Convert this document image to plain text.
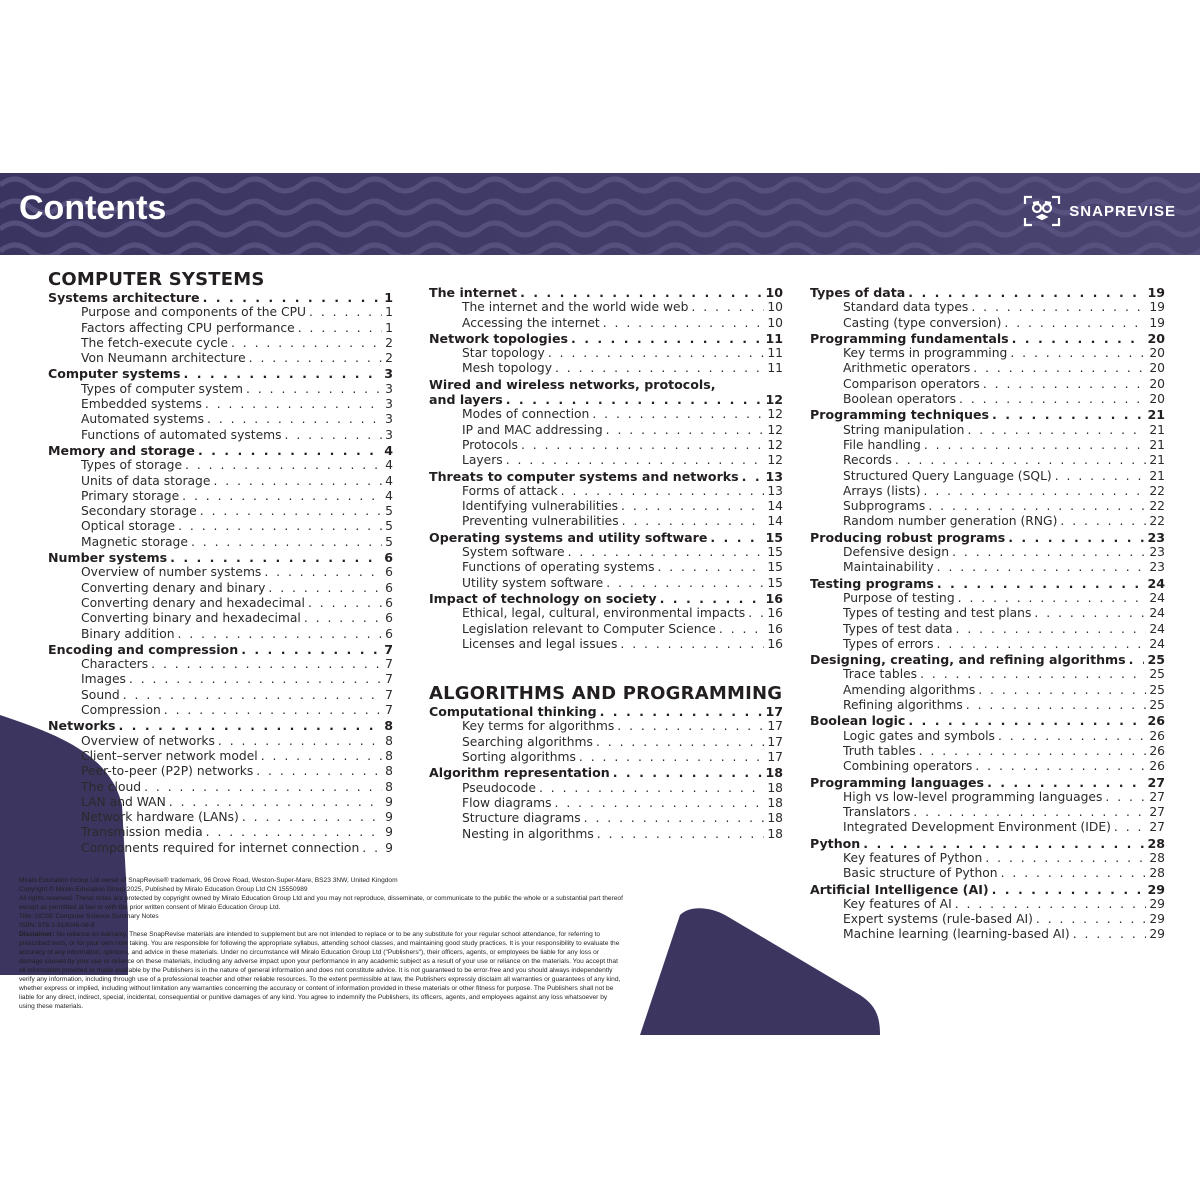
Contents	SNAPREVISE
COMPUTER SYSTEMS
Systems architecture . . .	1
Purpose and components of the CPU . . .	1
Factors affecting CPU performance . . .	1
The fetch-execute cycle . . .	2
Von Neumann architecture . . .	2
Computer systems . . .	3
Types of computer system . . .	3
Embedded systems . . .	3
Automated systems . . .	3
Functions of automated systems . . .	3
Memory and storage . . .	4
Types of storage . . .	4
Units of data storage . . .	4
Primary storage . . .	4
Secondary storage . . .	5
Optical storage . . .	5
Magnetic storage . . .	5
Number systems . . .	6
Overview of number systems . . .	6
Converting denary and binary . . .	6
Converting denary and hexadecimal . . .	6
Converting binary and hexadecimal . . .	6
Binary addition . . .	6
Encoding and compression . . .	7
Characters . . .	7
Images . . .	7
Sound . . .	7
Compression . . .	7
Networks . . .	8
Overview of networks . . .	8
Client–server network model . . .	8
Peer-to-peer (P2P) networks . . .	8
The cloud . . .	8
LAN and WAN . . .	9
Network hardware (LANs) . . .	9
Transmission media . . .	9
Components required for internet connection . . . 9
The internet . . .	10
The internet and the world wide web . . .	10
Accessing the internet . . .	10
Network topologies . . .	11
Star topology . . .	11
Mesh topology . . .	11
Wired and wireless networks, protocols,
and layers . . .	12
Modes of connection . . .	12
IP and MAC addressing . . .	12
Protocols . . .	12
Layers . . .	12
Threats to computer systems and networks . . . 13
Forms of attack . . .	13
Identifying vulnerabilities . . .	14
Preventing vulnerabilities . . .	14
Operating systems and utility software . . .	15
System software . . .	15
Functions of operating systems . . .	15
Utility system software . . .	15
Impact of technology on society . . .	16
Ethical, legal, cultural, environmental impacts . . . 16
Legislation relevant to Computer Science . . .	16
Licenses and legal issues . . .	16
ALGORITHMS AND PROGRAMMING
Computational thinking . . .	17
Key terms for algorithms . . .	17
Searching algorithms . . .	17
Sorting algorithms . . .	17
Algorithm representation . . .	18
Pseudocode . . .	18
Flow diagrams . . .	18
Structure diagrams . . .	18
Nesting in algorithms . . .	18
Types of data . . .	19
Standard data types . . .	19
Casting (type conversion) . . .	19
Programming fundamentals . . .	20
Key terms in programming . . .	20
Arithmetic operators . . .	20
Comparison operators . . .	20
Boolean operators . . .	20
Programming techniques . . .	21
String manipulation . . .	21
File handling . . .	21
Records . . .	21
Structured Query Language (SQL) . . .	21
Arrays (lists) . . .	22
Subprograms . . .	22
Random number generation (RNG) . . .	22
Producing robust programs . . .	23
Defensive design . . .	23
Maintainability . . .	23
Testing programs . . .	24
Purpose of testing . . .	24
Types of testing and test plans . . .	24
Types of test data . . .	24
Types of errors . . .	24
Designing, creating, and refining algorithms . . . 25
Trace tables . . .	25
Amending algorithms . . .	25
Refining algorithms . . .	25
Boolean logic . . .	26
Logic gates and symbols . . .	26
Truth tables . . .	26
Combining operators . . .	26
Programming languages . . .	27
High vs low-level programming languages . . .	27
Translators . . .	27
Integrated Development Environment (IDE) . . .	27
Python . . .	28
Key features of Python . . .	28
Basic structure of Python . . .	28
Artificial Intelligence (AI) . . .	29
Key features of AI . . .	29
Expert systems (rule-based AI) . . .	29
Machine learning (learning-based AI) . . .	29

Miralo Education Group Ltd owner of SnapRevise® trademark, 96 Drove Road, Weston-Super-Mare, BS23 3NW, United Kingdom

Copyright © Miralo Education Group 2025, Published by Miralo Education Group Ltd CN 15550989

All rights reserved. These notes are protected by copyright owned by Miralo Education Group Ltd and you may not reproduce, disseminate, or communicate to the public the whole or a substantial part thereof except as permitted at law or with the prior written consent of Miralo Education Group Ltd.

Title: GCSE Computer Science Summary Notes

ISBN: 978-1-918046-06-9

Disclaimer: No reliance on warranty. These SnapRevise materials are intended to supplement but are not intended to replace or to be any substitute for your regular school attendance, for referring to prescribed texts, or for your own note taking. You are responsible for following the appropriate syllabus, attending school classes, and maintaining good study practices. It is your responsibility to evaluate the accuracy of any information, opinions, and advice in these materials. Under no circumstance will Miralo Education Group Ltd ("Publishers"), their officers, agents, or employees be liable for any loss or damage caused by your use or reliance on these materials, including any adverse impact upon your performance in any academic subject as a result of your use or reliance on the materials. You accept that all information provided or made available by the Publishers is in the nature of general information and does not constitute advice. It is not guaranteed to be error-free and you should always independently verify any information, including through use of a professional teacher and other reliable resources. To the extent permissible at law, the Publishers expressly disclaim all warranties or guarantees of any kind, whether express or implied, including without limitation any warranties concerning the accuracy or content of information provided in these materials or other fitness for purpose. The Publishers shall not be liable for any direct, indirect, special, incidental, consequential or punitive damages of any kind. You agree to indemnify the Publishers, its officers, agents, and employees against any loss whatsoever by using these materials.
